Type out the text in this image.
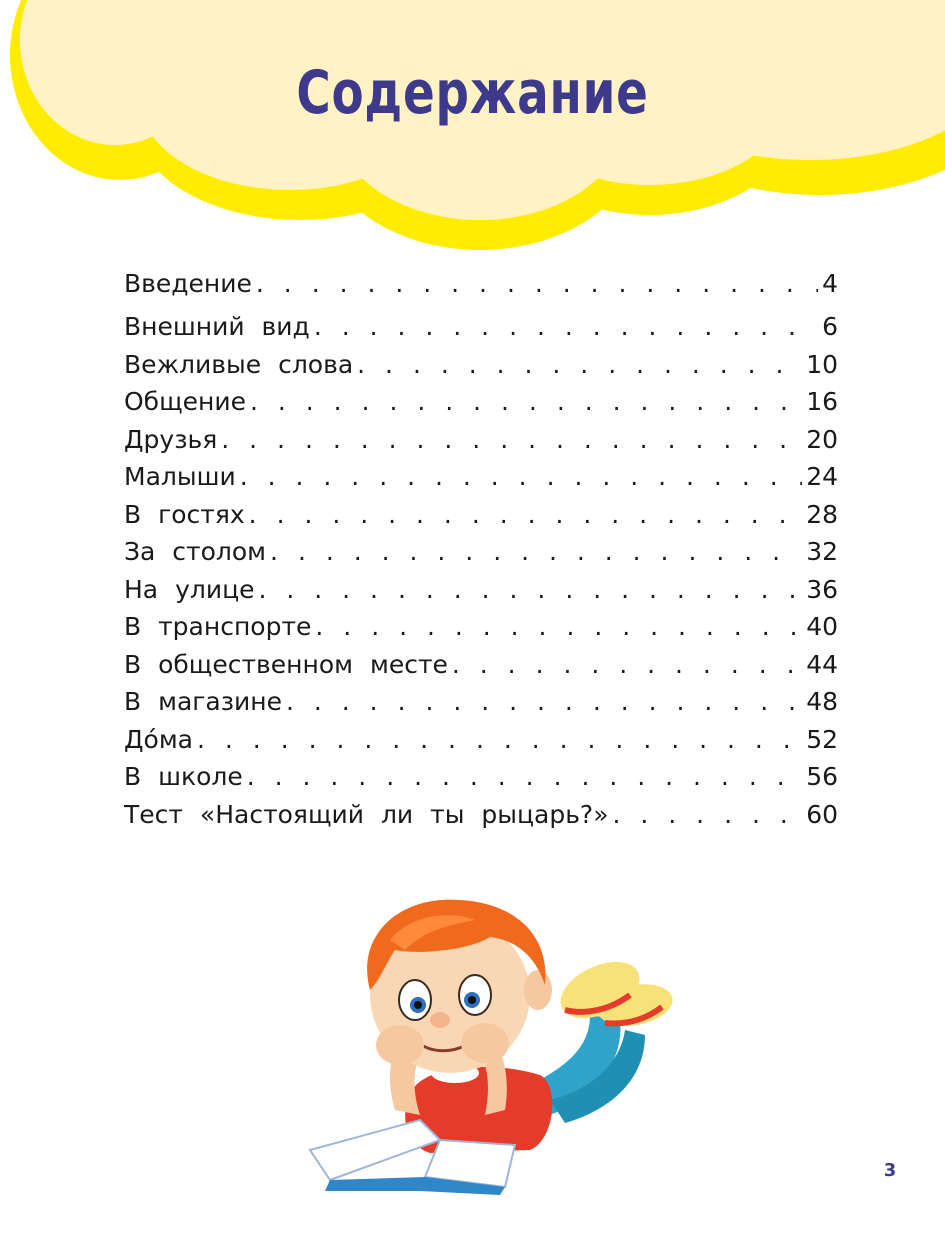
Содержание
Введение . . .	4
Внешний вид . . .	6
Вежливые слова . . .	10
Общение . . .	16
Друзья . . .	20
Малыши . . .	24
В гостях . . .	28
За столом . . .	32
На улице . . .	36
В транспорте . . .	40
В общественном месте . . .	44
В магазине . . .	48
До́ма . . .	52
В школе . . .	56
Тест «Настоящий ли ты рыцарь?» . . .	60
3
